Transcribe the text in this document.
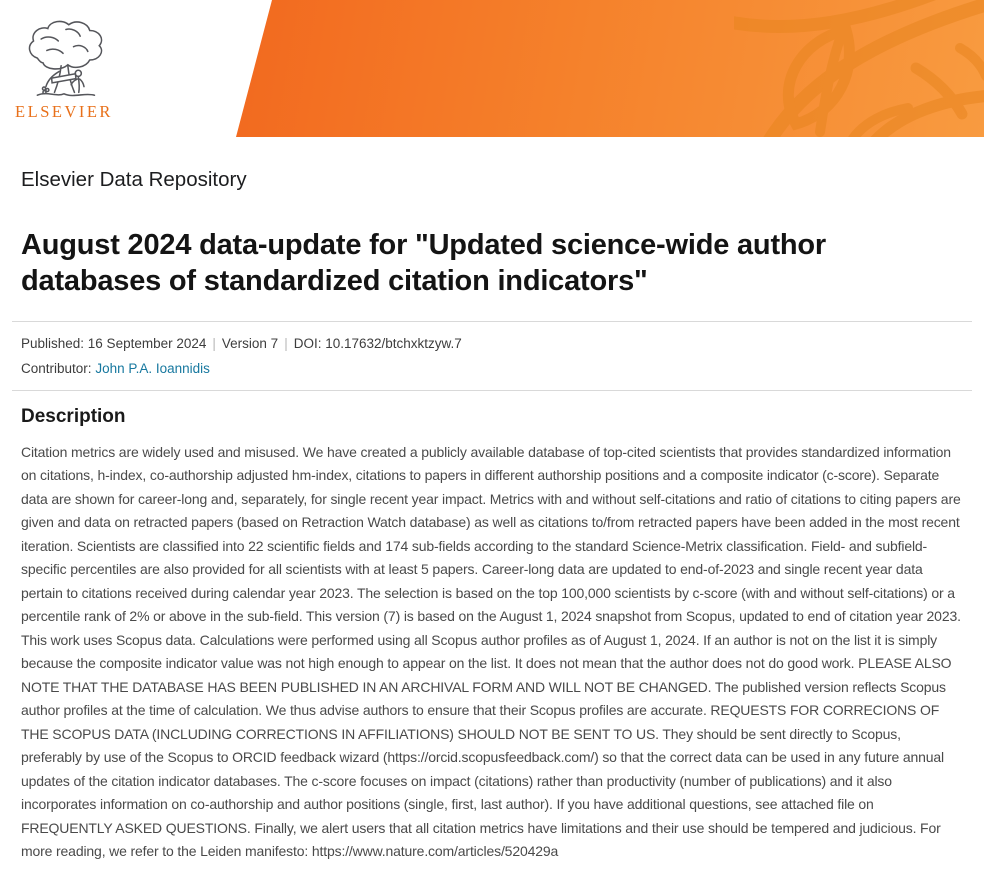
ELSEVIER
Elsevier Data Repository
August 2024 data-update for "Updated science-wide author databases of standardized citation indicators"
Published: 16 September 2024 | Version 7 | DOI: 10.17632/btchxktzyw.7
Contributor: John P.A. Ioannidis
Description

Citation metrics are widely used and misused. We have created a publicly available database of top-cited scientists that provides standardized information on citations, h-index, co-authorship adjusted hm-index, citations to papers in different authorship positions and a composite indicator (c-score). Separate data are shown for career-long and, separately, for single recent year impact. Metrics with and without self-citations and ratio of citations to citing papers are given and data on retracted papers (based on Retraction Watch database) as well as citations to/from retracted papers have been added in the most recent iteration. Scientists are classified into 22 scientific fields and 174 sub-fields according to the standard Science-Metrix classification. Field- and subfield-specific percentiles are also provided for all scientists with at least 5 papers. Career-long data are updated to end-of-2023 and single recent year data pertain to citations received during calendar year 2023. The selection is based on the top 100,000 scientists by c-score (with and without self-citations) or a percentile rank of 2% or above in the sub-field. This version (7) is based on the August 1, 2024 snapshot from Scopus, updated to end of citation year 2023. This work uses Scopus data. Calculations were performed using all Scopus author profiles as of August 1, 2024. If an author is not on the list it is simply because the composite indicator value was not high enough to appear on the list. It does not mean that the author does not do good work. PLEASE ALSO NOTE THAT THE DATABASE HAS BEEN PUBLISHED IN AN ARCHIVAL FORM AND WILL NOT BE CHANGED. The published version reflects Scopus author profiles at the time of calculation. We thus advise authors to ensure that their Scopus profiles are accurate. REQUESTS FOR CORRECIONS OF THE SCOPUS DATA (INCLUDING CORRECTIONS IN AFFILIATIONS) SHOULD NOT BE SENT TO US. They should be sent directly to Scopus, preferably by use of the Scopus to ORCID feedback wizard (https://orcid.scopusfeedback.com/) so that the correct data can be used in any future annual updates of the citation indicator databases. The c-score focuses on impact (citations) rather than productivity (number of publications) and it also incorporates information on co-authorship and author positions (single, first, last author). If you have additional questions, see attached file on FREQUENTLY ASKED QUESTIONS. Finally, we alert users that all citation metrics have limitations and their use should be tempered and judicious. For more reading, we refer to the Leiden manifesto: https://www.nature.com/articles/520429a
